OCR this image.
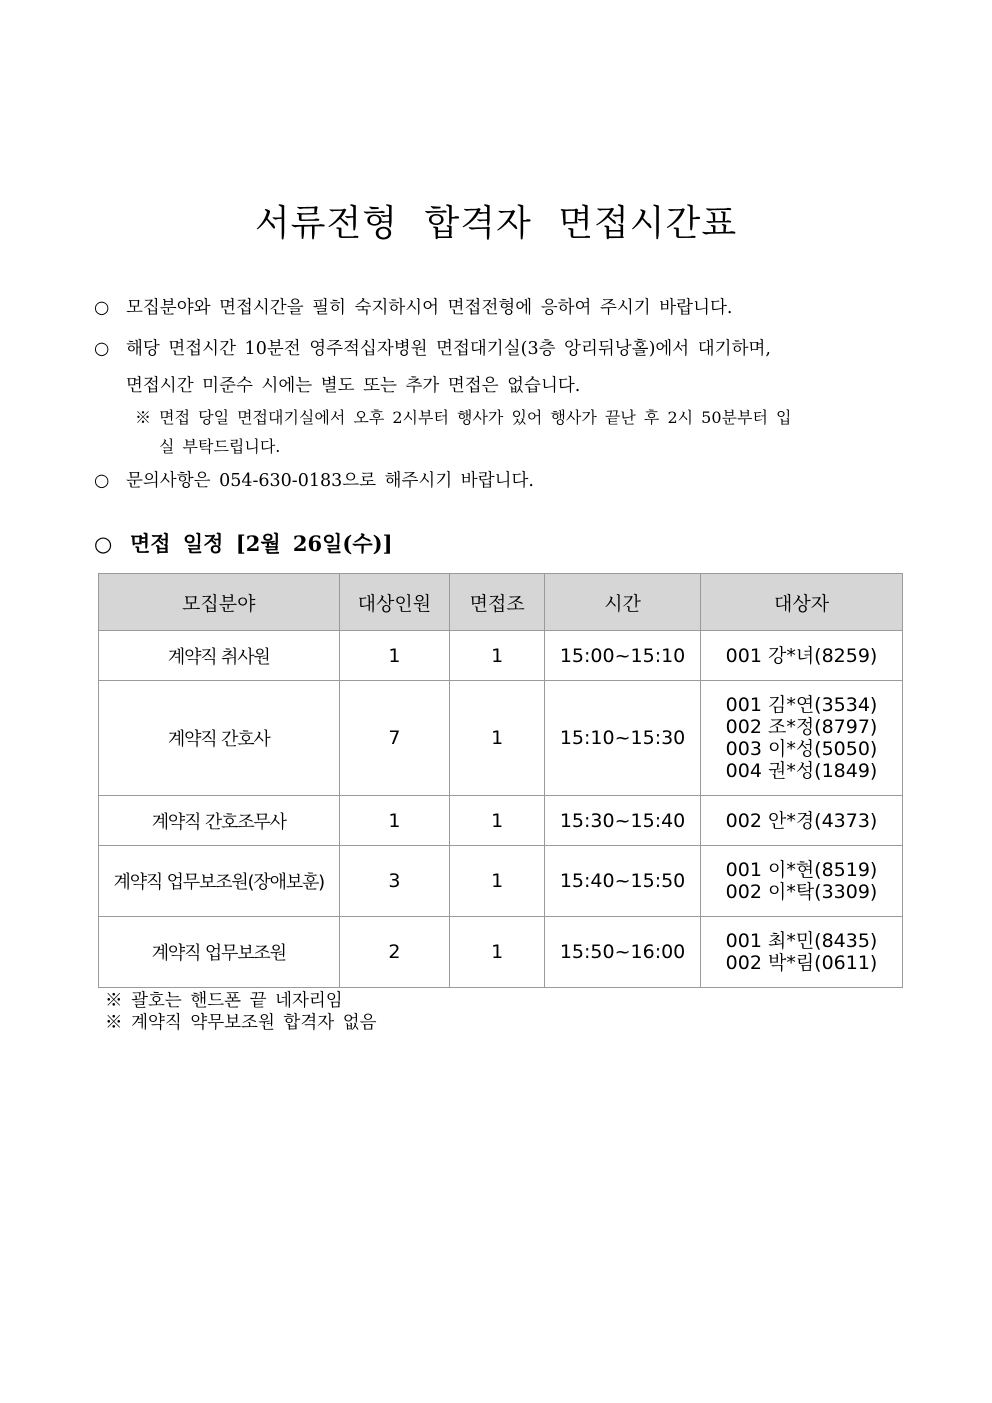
서류전형 합격자 면접시간표
○ 모집분야와 면접시간을 필히 숙지하시어 면접전형에 응하여 주시기 바랍니다.
○ 해당 면접시간 10분전 영주적십자병원 면접대기실(3층 앙리뒤낭홀)에서 대기하며,
면접시간 미준수 시에는 별도 또는 추가 면접은 없습니다.
※ 면접 당일 면접대기실에서 오후 2시부터 행사가 있어 행사가 끝난 후 2시 50분부터 입
실 부탁드립니다.
○ 문의사항은 054-630-0183으로 해주시기 바랍니다.
○ 면접 일정 [2월 26일(수)]
모집분야	대상인원	면접조	시간	대상자
계약직 취사원	1	1	15:00~15:10	001 강*녀(8259)

계약직 간호사	7	1	15:10~15:30	001 김*연(3534)
002 조*정(8797)
003 이*성(5050)
004 권*성(1849)

계약직 간호조무사	1	1	15:30~15:40	002 안*경(4373)

계약직 업무보조원(장애보훈)	3	1	15:40~15:50	001 이*현(8519)
002 이*탁(3309)

계약직 업무보조원	2	1	15:50~16:00	001 최*민(8435)
002 박*림(0611)
※ 괄호는 핸드폰 끝 네자리임
※ 계약직 약무보조원 합격자 없음
